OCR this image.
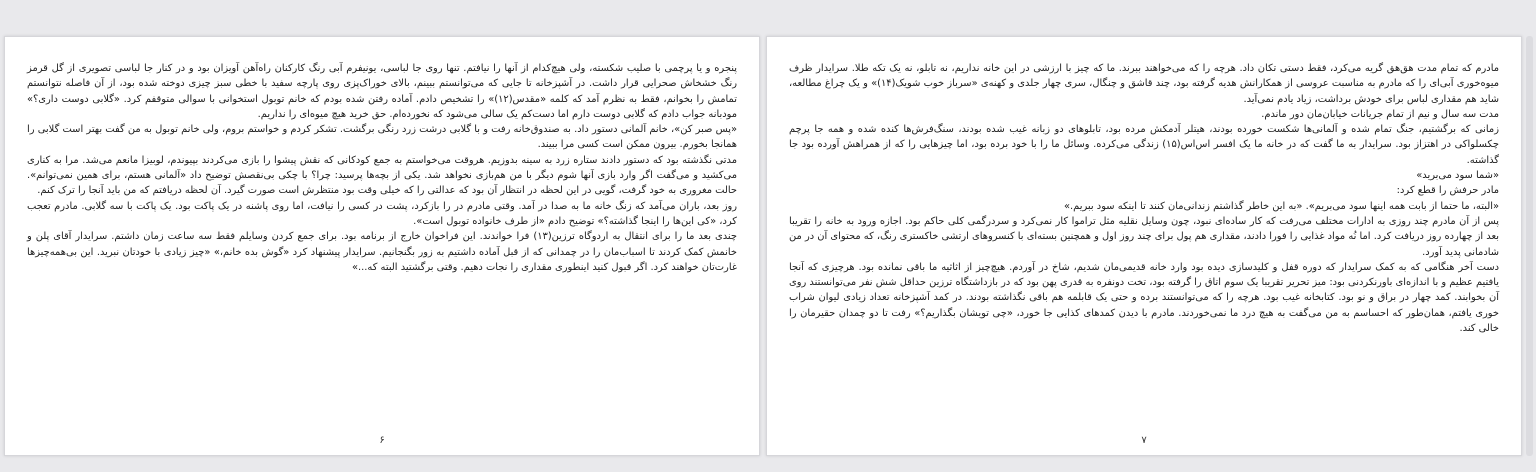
پنجره و یا پرچمی با صلیب شکسته، ولی هیچ‌کدام از آنها را نیافتم. تنها روی جا لباسی، یونیفرم آبی رنگ کارکنان راه‌آهن آویزان بود و در کنار جا لباسی تصویری از گل قرمز رنگ خشخاش صحرایی قرار داشت. در آشپزخانه تا جایی که می‌توانستم ببینم، بالای خوراک‌پزی روی پارچه سفید با خطی سبز چیزی دوخته شده بود، از آن فاصله نتوانستم تمامش را بخوانم، فقط به نظرم آمد که کلمه «مقدس(۱۲)» را تشخیص دادم. آماده رفتن شده بودم که خانم توبول استخوانی با سوالی متوقفم کرد. «گلابی دوست داری؟» مودبانه جواب دادم که گلابی دوست دارم اما دست‌کم یک سالی می‌شود که نخورده‌ام. حق خرید هیچ میوه‌ای را نداریم.

«پس صبر کن»، خانم آلمانی دستور داد. به صندوق‌خانه رفت و با گلابی درشت زرد رنگی برگشت. تشکر کردم و خواستم بروم، ولی خانم توبول به من گفت بهتر است گلابی را همانجا بخورم. بیرون ممکن است کسی مرا ببیند.

مدتی نگذشته بود که دستور دادند ستاره زرد به سینه بدوزیم. هروقت می‌خواستم به جمع کودکانی که نقش پیشوا را بازی می‌کردند بپیوندم، لوبیزا مانعم می‌شد. مرا به کناری می‌کشید و می‌گفت اگر وارد بازی آنها شوم دیگر با من هم‌بازی نخواهد شد. یکی از بچه‌ها پرسید: چرا؟ با چکی بی‌نقصش توضیح داد «آلمانی هستم، برای همین نمی‌توانم». حالت مغروری به خود گرفت، گویی در این لحظه در انتظار آن بود که عدالتی را که خیلی وقت بود منتظرش است صورت گیرد. آن لحظه دریافتم که من باید آنجا را ترک کنم.

روز بعد، باران می‌آمد که زنگ خانه ما به صدا در آمد. وقتی مادرم در را بازکرد، پشت در کسی را نیافت، اما روی پاشنه در یک پاکت بود. یک پاکت با سه گلابی. مادرم تعجب کرد، «کی این‌ها را اینجا گذاشته؟» توضیح دادم «از طرف خانواده توبول است».

چندی بعد ما را برای انتقال به اردوگاه ترزین(۱۳) فرا خواندند. این فراخوان خارج از برنامه بود. برای جمع کردن وسایلم فقط سه ساعت زمان داشتم. سرایدار آقای پلن و خانمش کمک کردند تا اسباب‌مان را در چمدانی که از قبل آماده داشتیم به زور بگنجانیم. سرایدار پیشنهاد کرد «گوش بده خانم،» «چیز زیادی با خودتان نبرید. این بی‌همه‌چیزها غارت‌تان خواهند کرد. اگر قبول کنید اینطوری مقداری را نجات دهیم. وقتی برگشتید البته که...»

۶

مادرم که تمام مدت هق‌هق گریه می‌کرد، فقط دستی تکان داد. هرچه را که می‌خواهند ببرند. ما که چیز با ارزشی در این خانه نداریم، نه تابلو، نه یک تکه طلا. سرایدار ظرف میوه‌خوری آبی‌ای را که مادرم به مناسبت عروسی از همکارانش هدیه گرفته بود، چند قاشق و چنگال، سری چهار جلدی و کهنه‌ی «سرباز خوب شویک(۱۴)» و یک چراغ مطالعه، شاید هم مقداری لباس برای خودش برداشت، زیاد یادم نمی‌آید.

مدت سه سال و نیم از تمام جریانات خیابان‌مان دور ماندم.

زمانی که برگشتیم، جنگ تمام شده و آلمانی‌ها شکست خورده بودند، هیتلر آدمکش مرده بود، تابلوهای دو زبانه غیب شده بودند، سنگ‌فرش‌ها کنده شده و همه جا پرچم چکسلواکی در اهتزاز بود. سرایدار به ما گفت که در خانه ما یک افسر اس‌اس(۱۵) زندگی می‌کرده. وسائل ما را با خود برده بود، اما چیزهایی را که از همراهش آورده بود جا گذاشته.

«شما سود می‌برید»

مادر حرفش را قطع کرد:

«البته، ما حتما از بابت همه اینها سود می‌بریم». «به این خاطر گذاشتم زندانی‌مان کنند تا اینکه سود ببریم.»

پس از آن مادرم چند روزی به ادارات مختلف می‌رفت که کار ساده‌ای نبود، چون وسایل نقلیه مثل تراموا کار نمی‌کرد و سردرگمی کلی حاکم بود. اجازه ورود به خانه را تقریبا بعد از چهارده روز دریافت کرد. اما نُه مواد غذایی را فورا دادند، مقداری هم پول برای چند روز اول و همچنین بسته‌ای با کنسروهای ارتشی خاکستری رنگ، که محتوای آن در من شادمانی پدید آورد.

دست آخر هنگامی که به کمک سرایدار که دوره قفل و کلیدسازی دیده بود وارد خانه قدیمی‌مان شدیم، شاخ در آوردم. هیچ‌چیز از اثاثیه ما باقی نمانده بود. هرچیزی که آنجا یافتیم عظیم و با اندازه‌ای باورنکردنی بود: میز تحریر تقریبا یک سوم اتاق را گرفته بود، تخت دونفره به قدری پهن بود که در بازداشتگاه ترزین حداقل شش نفر می‌توانستند روی آن بخوابند. کمد چهار در براق و نو بود. کتابخانه غیب بود. هرچه را که می‌توانستند برده و حتی یک قابلمه هم باقی نگذاشته بودند. در کمد آشپزخانه تعداد زیادی لیوان شراب خوری یافتم، همان‌طور که احساسم به من می‌گفت به هیچ درد ما نمی‌خوردند. مادرم با دیدن کمدهای کذایی جا خورد، «چی تویشان بگذاریم؟» رفت تا دو چمدان حقیرمان را خالی کند.

۷
